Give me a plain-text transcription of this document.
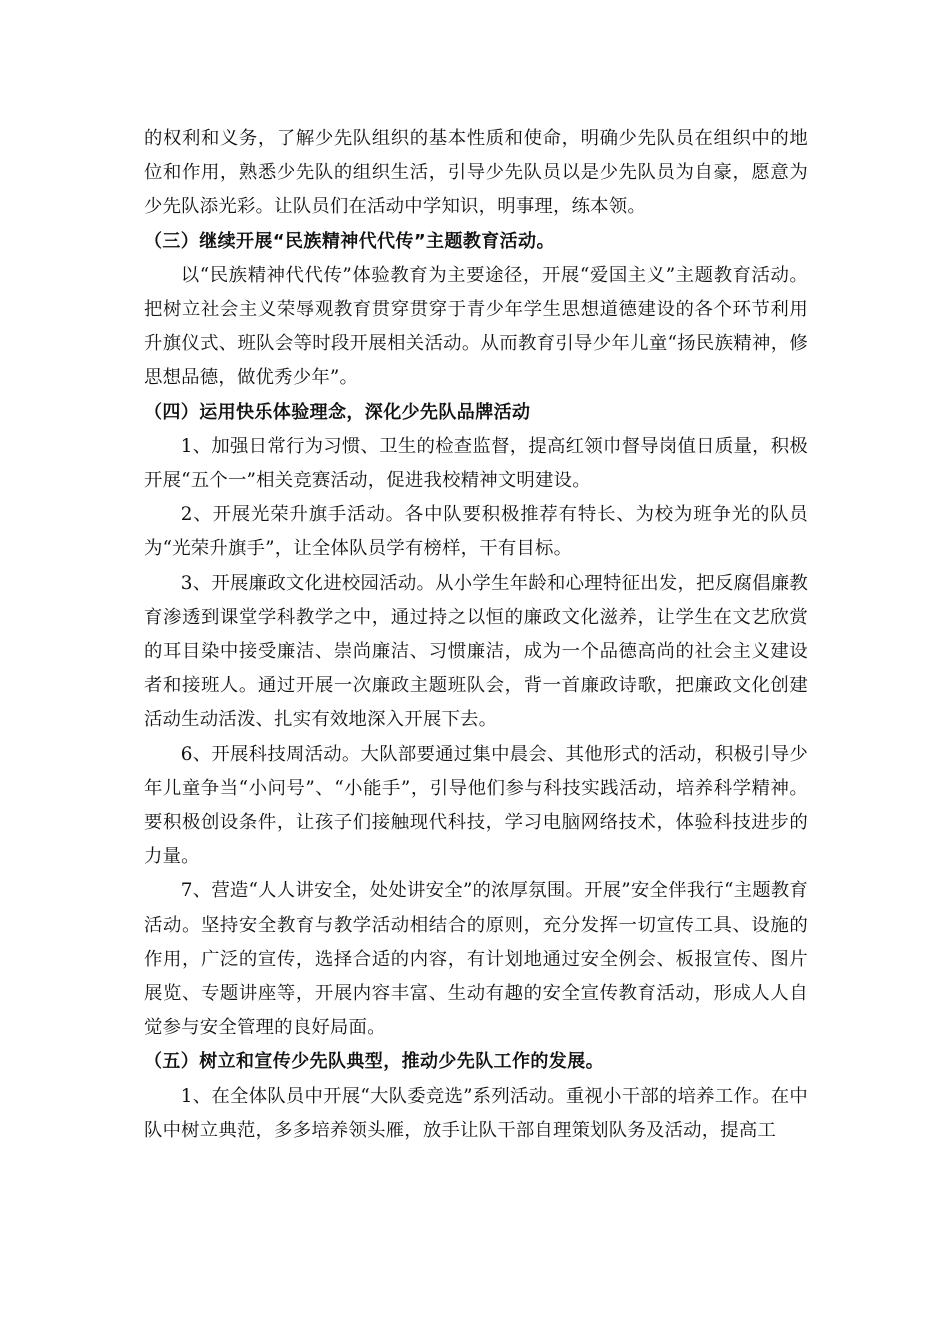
的权利和义务，了解少先队组织的基本性质和使命，明确少先队员在组织中的地位和作用，熟悉少先队的组织生活，引导少先队员以是少先队员为自豪，愿意为少先队添光彩。让队员们在活动中学知识，明事理，练本领。

（三）继续开展“民族精神代代传”主题教育活动。

以“民族精神代代传”体验教育为主要途径，开展“爱国主义”主题教育活动。把树立社会主义荣辱观教育贯穿贯穿于青少年学生思想道德建设的各个环节利用升旗仪式、班队会等时段开展相关活动。从而教育引导少年儿童“扬民族精神，修思想品德，做优秀少年”。

（四）运用快乐体验理念，深化少先队品牌活动

1、加强日常行为习惯、卫生的检查监督，提高红领巾督导岗值日质量，积极开展“五个一”相关竞赛活动，促进我校精神文明建设。

2、开展光荣升旗手活动。各中队要积极推荐有特长、为校为班争光的队员为“光荣升旗手”，让全体队员学有榜样，干有目标。

3、开展廉政文化进校园活动。从小学生年龄和心理特征出发，把反腐倡廉教育渗透到课堂学科教学之中，通过持之以恒的廉政文化滋养，让学生在文艺欣赏的耳目染中接受廉洁、崇尚廉洁、习惯廉洁，成为一个品德高尚的社会主义建设者和接班人。通过开展一次廉政主题班队会，背一首廉政诗歌，把廉政文化创建活动生动活泼、扎实有效地深入开展下去。

6、开展科技周活动。大队部要通过集中晨会、其他形式的活动，积极引导少年儿童争当“小问号”、“小能手”，引导他们参与科技实践活动，培养科学精神。要积极创设条件，让孩子们接触现代科技，学习电脑网络技术，体验科技进步的力量。

7、营造“人人讲安全，处处讲安全”的浓厚氛围。开展”安全伴我行“主题教育活动。坚持安全教育与教学活动相结合的原则，充分发挥一切宣传工具、设施的作用，广泛的宣传，选择合适的内容，有计划地通过安全例会、板报宣传、图片展览、专题讲座等，开展内容丰富、生动有趣的安全宣传教育活动，形成人人自觉参与安全管理的良好局面。

（五）树立和宣传少先队典型，推动少先队工作的发展。

1、在全体队员中开展“大队委竞选”系列活动。重视小干部的培养工作。在中队中树立典范，多多培养领头雁，放手让队干部自理策划队务及活动，提高工
